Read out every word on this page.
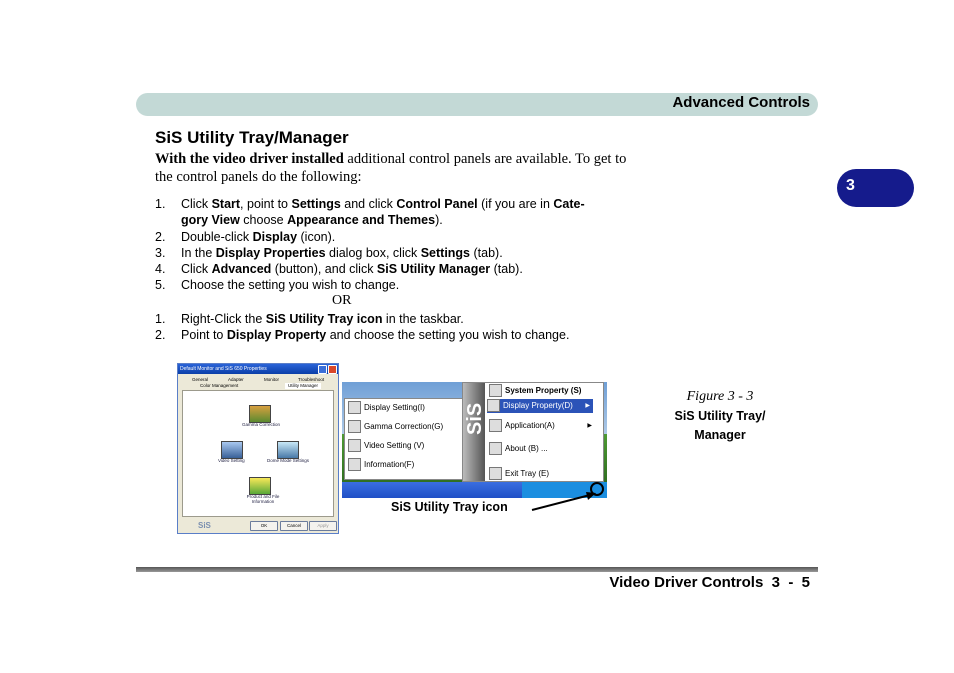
Advanced Controls
3
SiS Utility Tray/Manager
With the video driver installed additional control panels are available. To get to the control panels do the following:
1. Click Start, point to Settings and click Control Panel (if you are in Cate-
gory View choose Appearance and Themes).
2. Double-click Display (icon).
3. In the Display Properties dialog box, click Settings (tab).
4. Click Advanced (button), and click SiS Utility Manager (tab).
5. Choose the setting you wish to change.
OR
1. Right-Click the SiS Utility Tray icon in the taskbar.
2. Point to Display Property and choose the setting you wish to change.
Default Monitor and SiS 650 Properties
General	Adapter	Monitor	Troubleshoot
Color Management	Utility Manager
Gamma Correction
Video Setting	Dome Mode Settings
Product and File Information
SiS	OK	Cancel	Apply
Display Setting(I)
Gamma Correction(G)
Video Setting (V)
Information(F)
SiS
System Property (S)
Display Property(D) ▶
Application(A)	▶
About (B) ...
Exit Tray (E)
SiS Utility Tray icon
Figure 3 - 3
SiS Utility Tray/
Manager
Video Driver Controls  3  -  5
